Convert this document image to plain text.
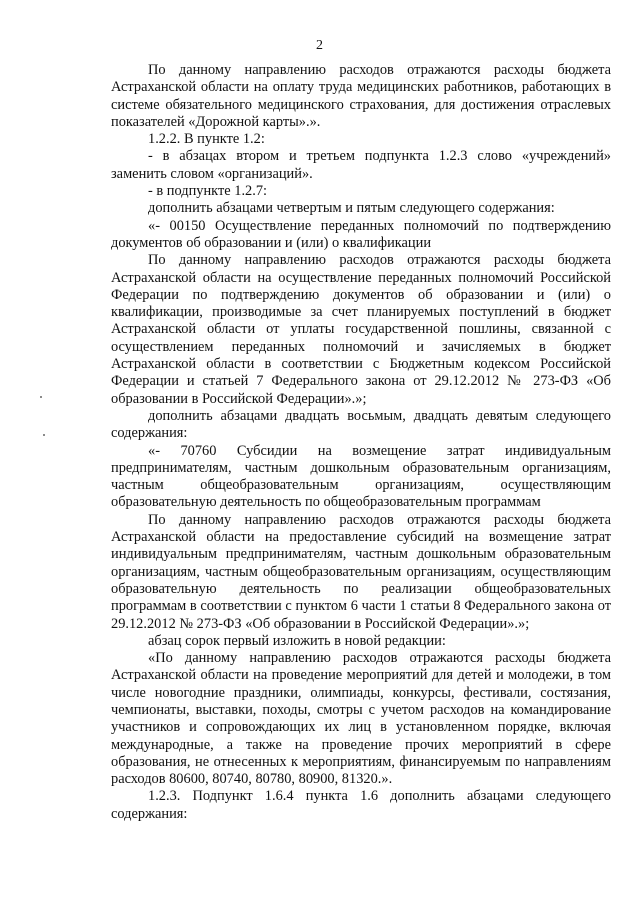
2

По данному направлению расходов отражаются расходы бюджета Астраханской области на оплату труда медицинских работников, работающих в системе обязательного медицинского страхования, для достижения отраслевых показателей «Дорожной карты».».

1.2.2. В пункте 1.2:

- в абзацах втором и третьем подпункта 1.2.3 слово «учреждений» заменить словом «организаций».

- в подпункте 1.2.7:

дополнить абзацами четвертым и пятым следующего содержания:

«- 00150 Осуществление переданных полномочий по подтверждению документов об образовании и (или) о квалификации

По данному направлению расходов отражаются расходы бюджета Астраханской области на осуществление переданных полномочий Российской Федерации по подтверждению документов об образовании и (или) о квалификации, производимые за счет планируемых поступлений в бюджет Астраханской области от уплаты государственной пошлины, связанной с осуществлением переданных полномочий и зачисляемых в бюджет Астраханской области в соответствии с Бюджетным кодексом Российской Федерации и статьей 7 Федерального закона от 29.12.2012 № 273-ФЗ «Об образовании в Российской Федерации».»;

дополнить абзацами двадцать восьмым, двадцать девятым следующего содержания:

«- 70760 Субсидии на возмещение затрат индивидуальным предпринимателям, частным дошкольным образовательным организациям, частным общеобразовательным организациям, осуществляющим образовательную деятельность по общеобразовательным программам

По данному направлению расходов отражаются расходы бюджета Астраханской области на предоставление субсидий на возмещение затрат индивидуальным предпринимателям, частным дошкольным образовательным организациям, частным общеобразовательным организациям, осуществляющим образовательную деятельность по реализации общеобразовательных программам в соответствии с пунктом 6 части 1 статьи 8 Федерального закона от 29.12.2012 № 273-ФЗ «Об образовании в Российской Федерации».»;

абзац сорок первый изложить в новой редакции:

«По данному направлению расходов отражаются расходы бюджета Астраханской области на проведение мероприятий для детей и молодежи, в том числе новогодние праздники, олимпиады, конкурсы, фестивали, состязания, чемпионаты, выставки, походы, смотры с учетом расходов на командирование участников и сопровождающих их лиц в установленном порядке, включая международные, а также на проведение прочих мероприятий в сфере образования, не отнесенных к мероприятиям, финансируемым по направлениям расходов 80600, 80740, 80780, 80900, 81320.».

1.2.3. Подпункт 1.6.4 пункта 1.6 дополнить абзацами следующего содержания:
